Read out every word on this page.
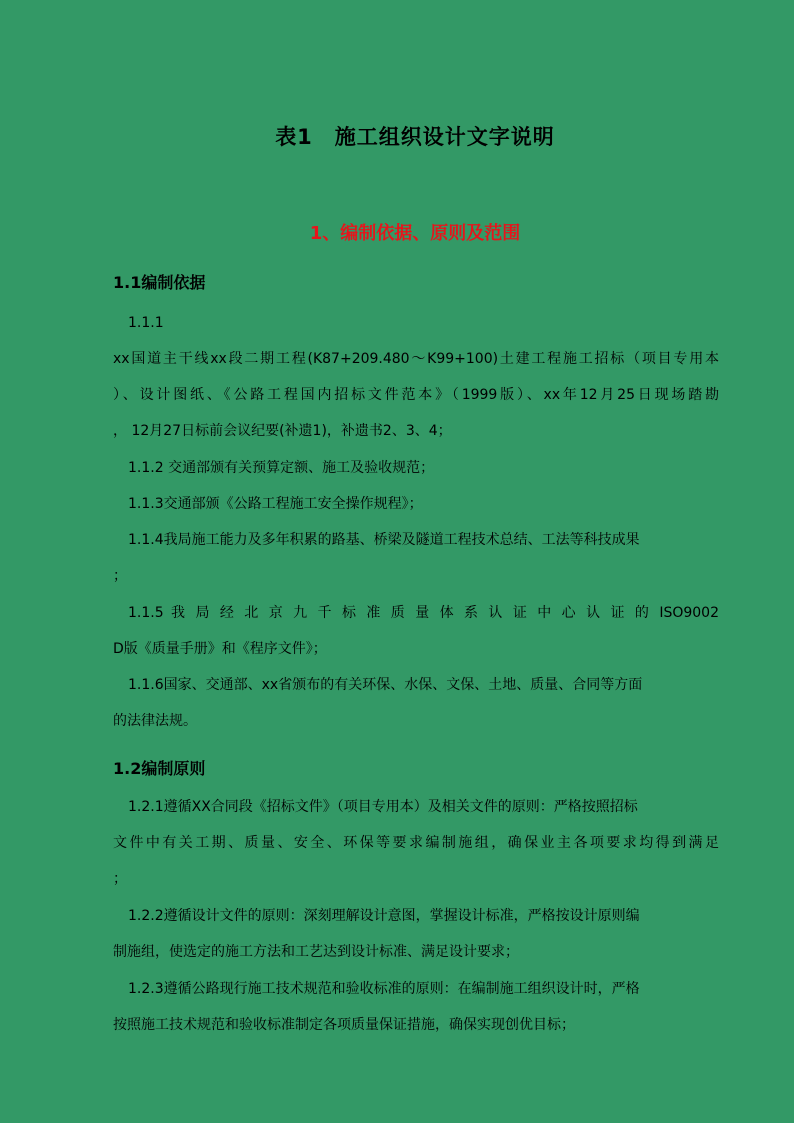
表1　施工组织设计文字说明
1、编制依据、原则及范围
1.1编制依据
1.1.1
xx国道主干线xx段二期工程(K87+209.480～K99+100)土建工程施工招标（项目专用本
）、设计图纸、《公路工程国内招标文件范本》（1999版）、xx年12月25日现场踏勘
， 12月27日标前会议纪要(补遗1)，补遗书2、3、4；
1.1.2 交通部颁有关预算定额、施工及验收规范；
1.1.3交通部颁《公路工程施工安全操作规程》；
1.1.4我局施工能力及多年积累的路基、桥梁及隧道工程技术总结、工法等科技成果
；
1.1.5 我 局 经 北 京 九 千 标 准 质 量 体 系 认 证 中 心 认 证 的 ISO9002
D版《质量手册》和《程序文件》；
1.1.6国家、交通部、xx省颁布的有关环保、水保、文保、土地、质量、合同等方面
的法律法规。
1.2编制原则
1.2.1遵循XX合同段《招标文件》（项目专用本）及相关文件的原则：严格按照招标
文件中有关工期、质量、安全、环保等要求编制施组，确保业主各项要求均得到满足
；
1.2.2遵循设计文件的原则：深刻理解设计意图，掌握设计标准，严格按设计原则编
制施组，使选定的施工方法和工艺达到设计标准、满足设计要求；
1.2.3遵循公路现行施工技术规范和验收标准的原则：在编制施工组织设计时，严格
按照施工技术规范和验收标准制定各项质量保证措施，确保实现创优目标；
